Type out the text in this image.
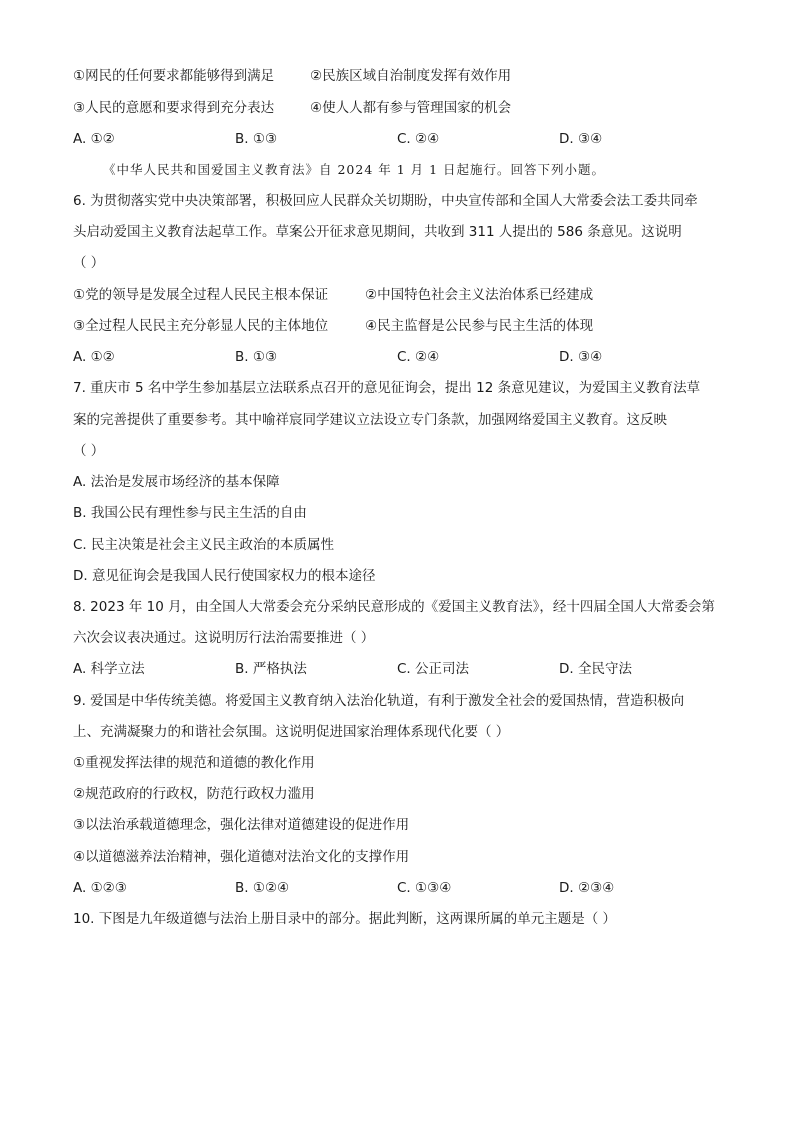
①网民的任何要求都能够得到满足	②民族区域自治制度发挥有效作用
③人民的意愿和要求得到充分表达	④使人人都有参与管理国家的机会
A. ①②	B. ①③	C. ②④	D. ③④
《中华人民共和国爱国主义教育法》自 2024 年 1 月 1 日起施行。回答下列小题。
6. 为贯彻落实党中央决策部署，积极回应人民群众关切期盼，中央宣传部和全国人大常委会法工委共同牵
头启动爱国主义教育法起草工作。草案公开征求意见期间，共收到 311 人提出的 586 条意见。这说明
（ ）
①党的领导是发展全过程人民民主根本保证	②中国特色社会主义法治体系已经建成
③全过程人民民主充分彰显人民的主体地位	④民主监督是公民参与民主生活的体现
A. ①②	B. ①③	C. ②④	D. ③④
7. 重庆市 5 名中学生参加基层立法联系点召开的意见征询会，提出 12 条意见建议，为爱国主义教育法草
案的完善提供了重要参考。其中喻祥宸同学建议立法设立专门条款，加强网络爱国主义教育。这反映
（ ）
A. 法治是发展市场经济的基本保障
B. 我国公民有理性参与民主生活的自由
C. 民主决策是社会主义民主政治的本质属性
D. 意见征询会是我国人民行使国家权力的根本途径
8. 2023 年 10 月，由全国人大常委会充分采纳民意形成的《爱国主义教育法》，经十四届全国人大常委会第
六次会议表决通过。这说明厉行法治需要推进（ ）
A. 科学立法	B. 严格执法	C. 公正司法	D. 全民守法
9. 爱国是中华传统美德。将爱国主义教育纳入法治化轨道，有利于激发全社会的爱国热情，营造积极向
上、充满凝聚力的和谐社会氛围。这说明促进国家治理体系现代化要（ ）
①重视发挥法律的规范和道德的教化作用
②规范政府的行政权，防范行政权力滥用
③以法治承载道德理念，强化法律对道德建设的促进作用
④以道德滋养法治精神，强化道德对法治文化的支撑作用
A. ①②③	B. ①②④	C. ①③④	D. ②③④
10. 下图是九年级道德与法治上册目录中的部分。据此判断，这两课所属的单元主题是（ ）
